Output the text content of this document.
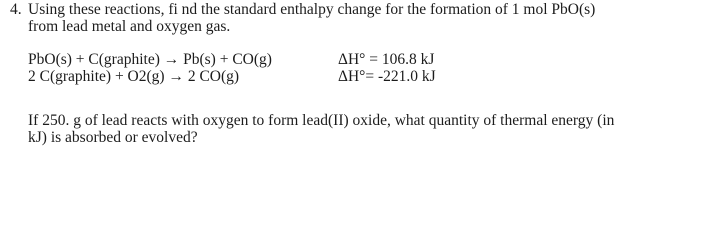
4. Using these reactions, fi nd the standard enthalpy change for the formation of 1 mol PbO(s)
from lead metal and oxygen gas.
PbO(s) + C(graphite) → Pb(s) + CO(g)	ΔH° = 106.8 kJ
2 C(graphite) + O2(g) → 2 CO(g)	ΔH°= -221.0 kJ
If 250. g of lead reacts with oxygen to form lead(II) oxide, what quantity of thermal energy (in
kJ) is absorbed or evolved?
